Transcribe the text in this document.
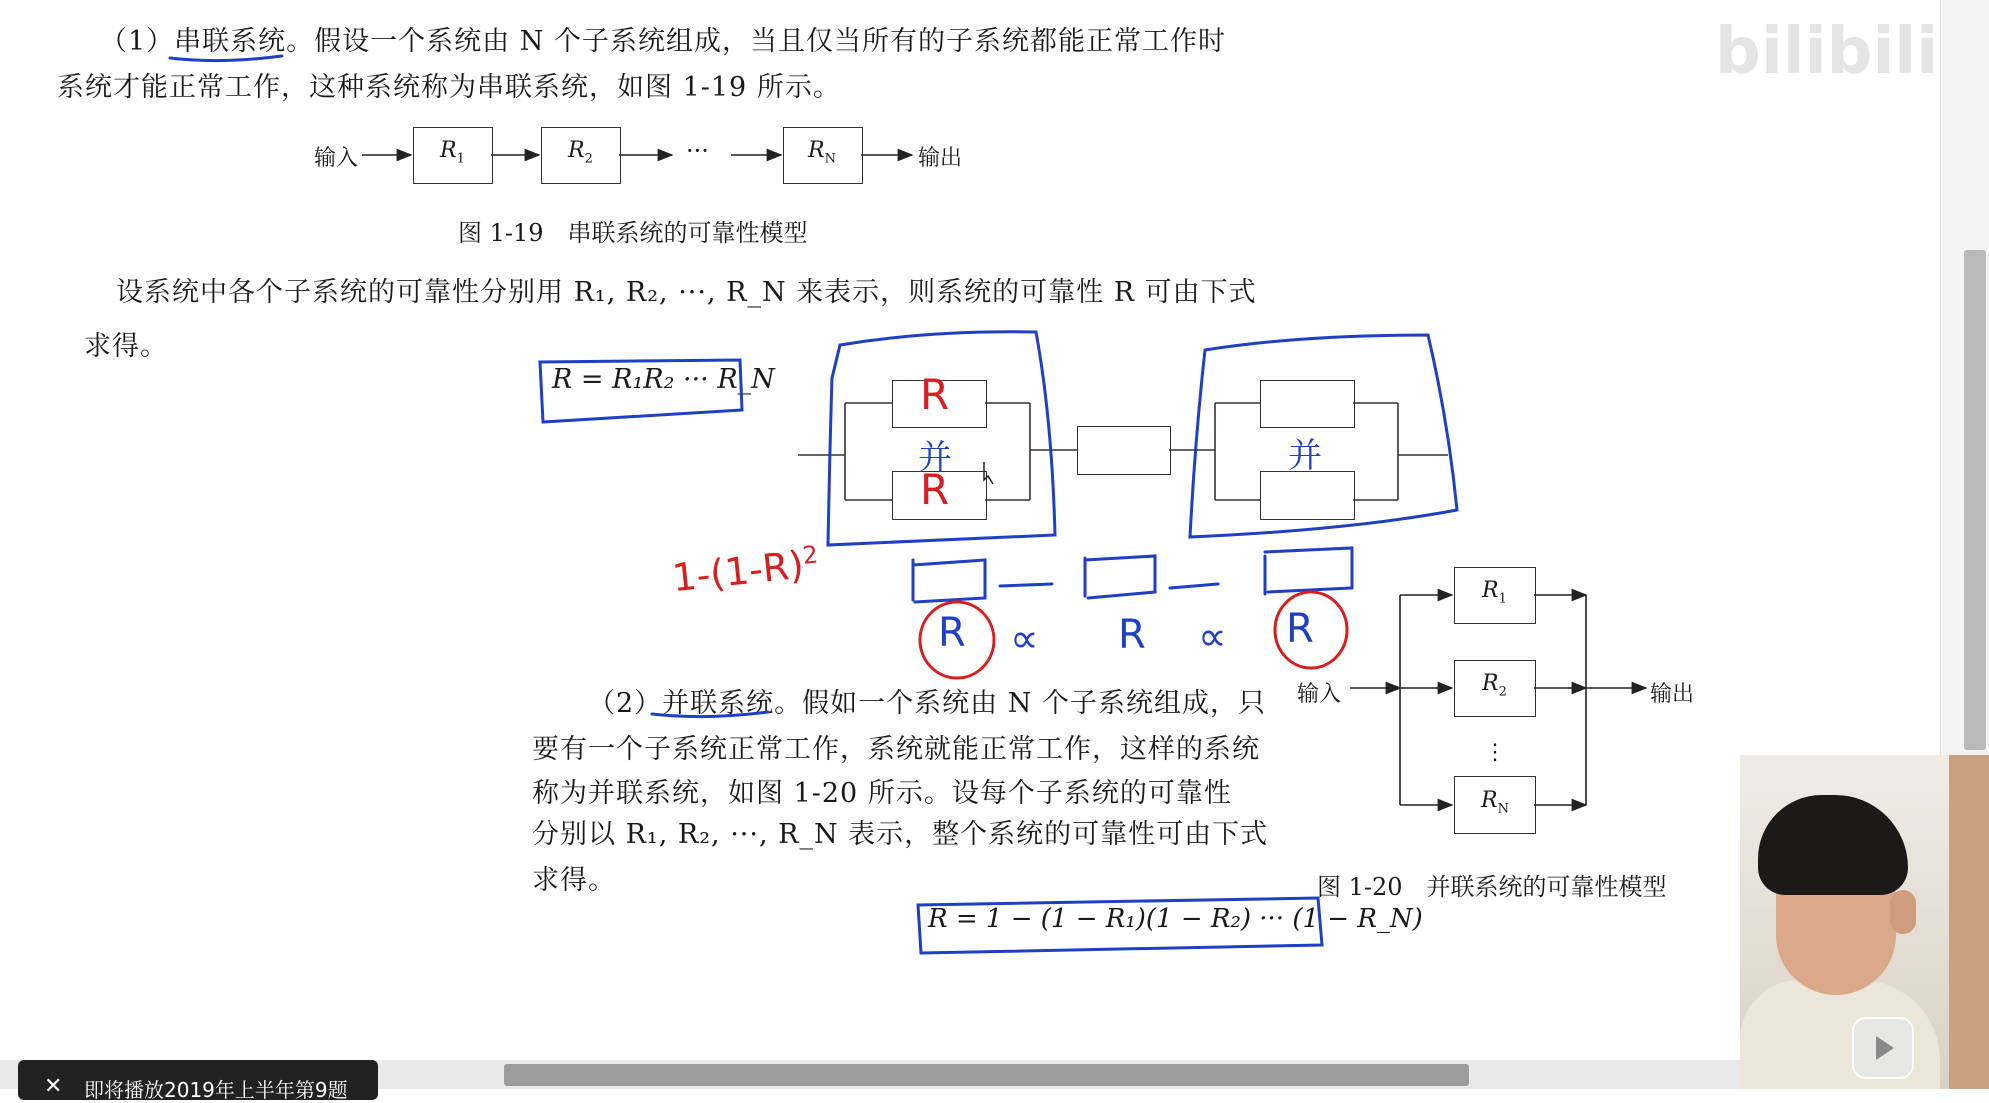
（1）串联系统。假设一个系统由 N 个子系统组成，当且仅当所有的子系统都能正常工作时
系统才能正常工作，这种系统称为串联系统，如图 1-19 所示。
输入	$R_1$	$R_2$	···	$R_N$	输出
图 1-19　串联系统的可靠性模型
设系统中各个子系统的可靠性分别用 R₁, R₂, ···, R_N 来表示，则系统的可靠性 R 可由下式
求得。
R = R₁R₂ ··· R_N	R
R
并	并
$1-(1-R)^2$
R ∝ R ∝ R
（2）并联系统。假如一个系统由 N 个子系统组成，只
要有一个子系统正常工作，系统就能正常工作，这样的系统
称为并联系统，如图 1-20 所示。设每个子系统的可靠性
分别以 R₁, R₂, ···, R_N 表示，整个系统的可靠性可由下式
求得。
R = 1 − (1 − R₁)(1 − R₂) ··· (1 − R_N)
输入
$R_1$
$R_2$
⋮
$R_N$
输出
图 1-20　并联系统的可靠性模型
bilibili
✕ 即将播放2019年上半年第9题
